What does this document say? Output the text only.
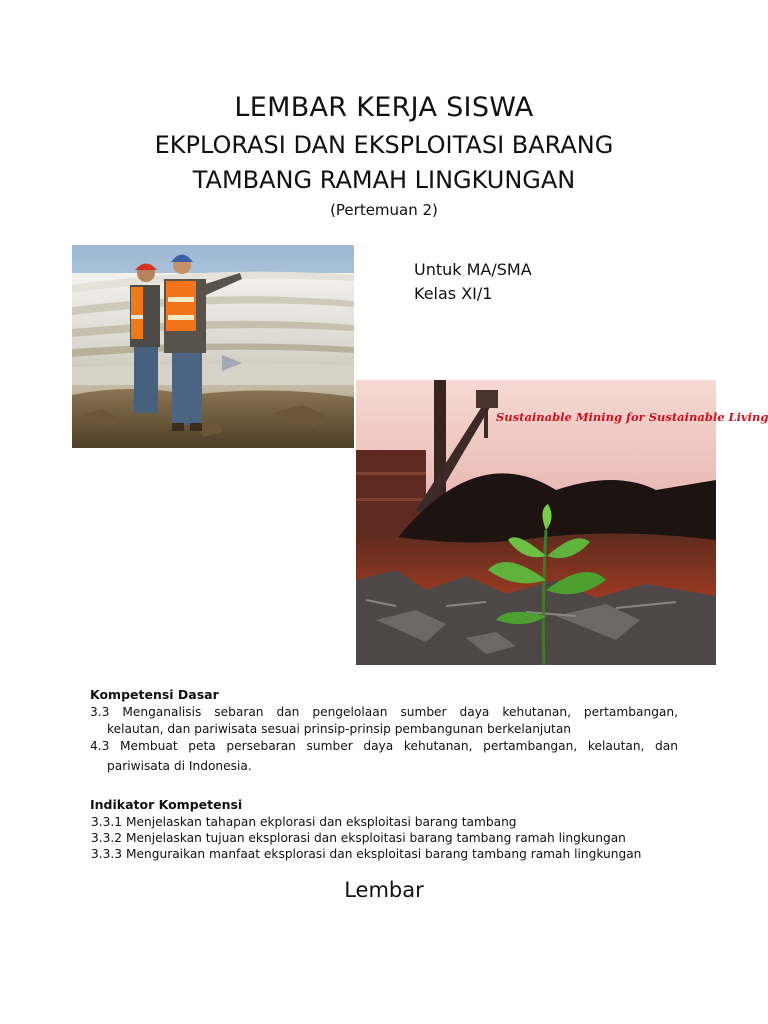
LEMBAR KERJA SISWA
EKPLORASI DAN EKSPLOITASI BARANG
TAMBANG RAMAH LINGKUNGAN
(Pertemuan 2)
Untuk MA/SMA
Kelas XI/1
Sustainable Mining for Sustainable Living
Kompetensi Dasar
3.3 Menganalisis sebaran dan pengelolaan sumber daya kehutanan, pertambangan,
kelautan, dan pariwisata sesuai prinsip-prinsip pembangunan berkelanjutan
4.3 Membuat peta persebaran sumber daya kehutanan, pertambangan, kelautan, dan
pariwisata di Indonesia.
Indikator Kompetensi
3.3.1 Menjelaskan tahapan ekplorasi dan eksploitasi barang tambang
3.3.2 Menjelaskan tujuan eksplorasi dan eksploitasi barang tambang ramah lingkungan
3.3.3 Menguraikan manfaat eksplorasi dan eksploitasi barang tambang ramah lingkungan
Lembar
